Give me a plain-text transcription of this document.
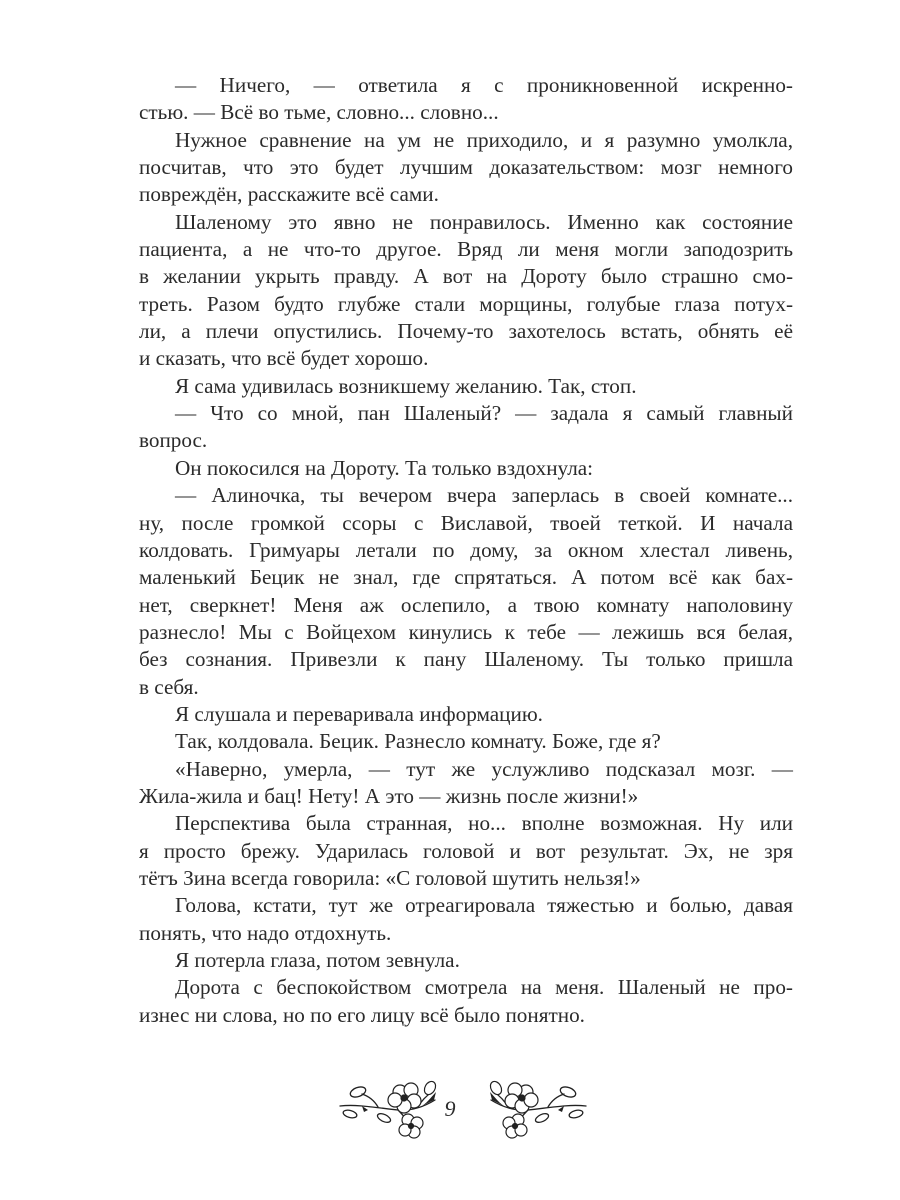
— Ничего, — ответила я с проникновенной искренно-
стью. — Всё во тьме, словно... словно...
Нужное сравнение на ум не приходило, и я разумно умолкла,
посчитав, что это будет лучшим доказательством: мозг немного
повреждён, расскажите всё сами.
Шаленому это явно не понравилось. Именно как состояние
пациента, а не что-то другое. Вряд ли меня могли заподозрить
в желании укрыть правду. А вот на Дороту было страшно смо-
треть. Разом будто глубже стали морщины, голубые глаза потух-
ли, а плечи опустились. Почему-то захотелось встать, обнять её
и сказать, что всё будет хорошо.
Я сама удивилась возникшему желанию. Так, стоп.
— Что со мной, пан Шаленый? — задала я самый главный
вопрос.
Он покосился на Дороту. Та только вздохнула:
— Алиночка, ты вечером вчера заперлась в своей комнате...
ну, после громкой ссоры с Виславой, твоей теткой. И начала
колдовать. Гримуары летали по дому, за окном хлестал ливень,
маленький Бецик не знал, где спрятаться. А потом всё как бах-
нет, сверкнет! Меня аж ослепило, а твою комнату наполовину
разнесло! Мы с Войцехом кинулись к тебе — лежишь вся белая,
без сознания. Привезли к пану Шаленому. Ты только пришла
в себя.
Я слушала и переваривала информацию.
Так, колдовала. Бецик. Разнесло комнату. Боже, где я?
«Наверно, умерла, — тут же услужливо подсказал мозг. —
Жила-жила и бац! Нету! А это — жизнь после жизни!»
Перспектива была странная, но... вполне возможная. Ну или
я просто брежу. Ударилась головой и вот результат. Эх, не зря
тётъ Зина всегда говорила: «С головой шутить нельзя!»
Голова, кстати, тут же отреагировала тяжестью и болью, давая
понять, что надо отдохнуть.
Я потерла глаза, потом зевнула.
Дорота с беспокойством смотрела на меня. Шаленый не про-
изнес ни слова, но по его лицу всё было понятно.
9
